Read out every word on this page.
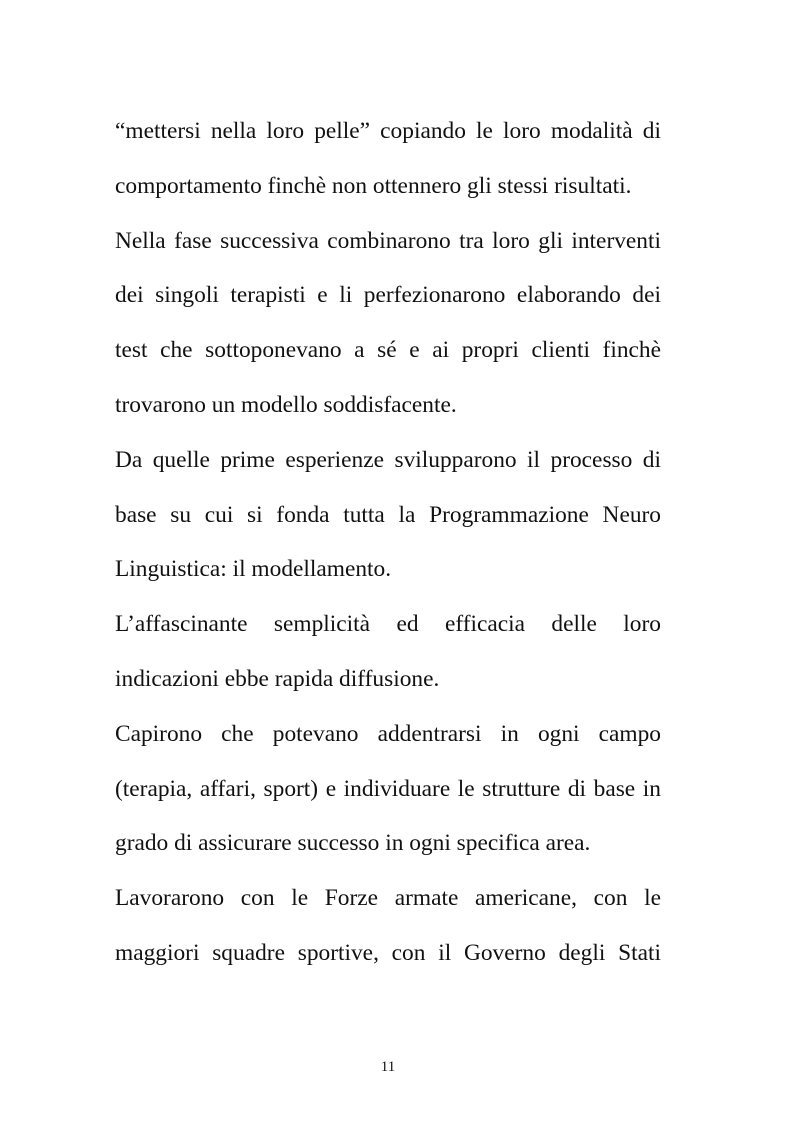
“mettersi nella loro pelle” copiando le loro modalità di
comportamento finchè non ottennero gli stessi risultati.
Nella fase successiva combinarono tra loro gli interventi
dei singoli terapisti e li perfezionarono elaborando dei
test che sottoponevano a sé e ai propri clienti finchè
trovarono un modello soddisfacente.
Da quelle prime esperienze svilupparono il processo di
base su cui si fonda tutta la Programmazione Neuro
Linguistica: il modellamento.
L’affascinante semplicità ed efficacia delle loro
indicazioni ebbe rapida diffusione.
Capirono che potevano addentrarsi in ogni campo
(terapia, affari, sport) e individuare le strutture di base in
grado di assicurare successo in ogni specifica area.
Lavorarono con le Forze armate americane, con le
maggiori squadre sportive, con il Governo degli Stati
11
